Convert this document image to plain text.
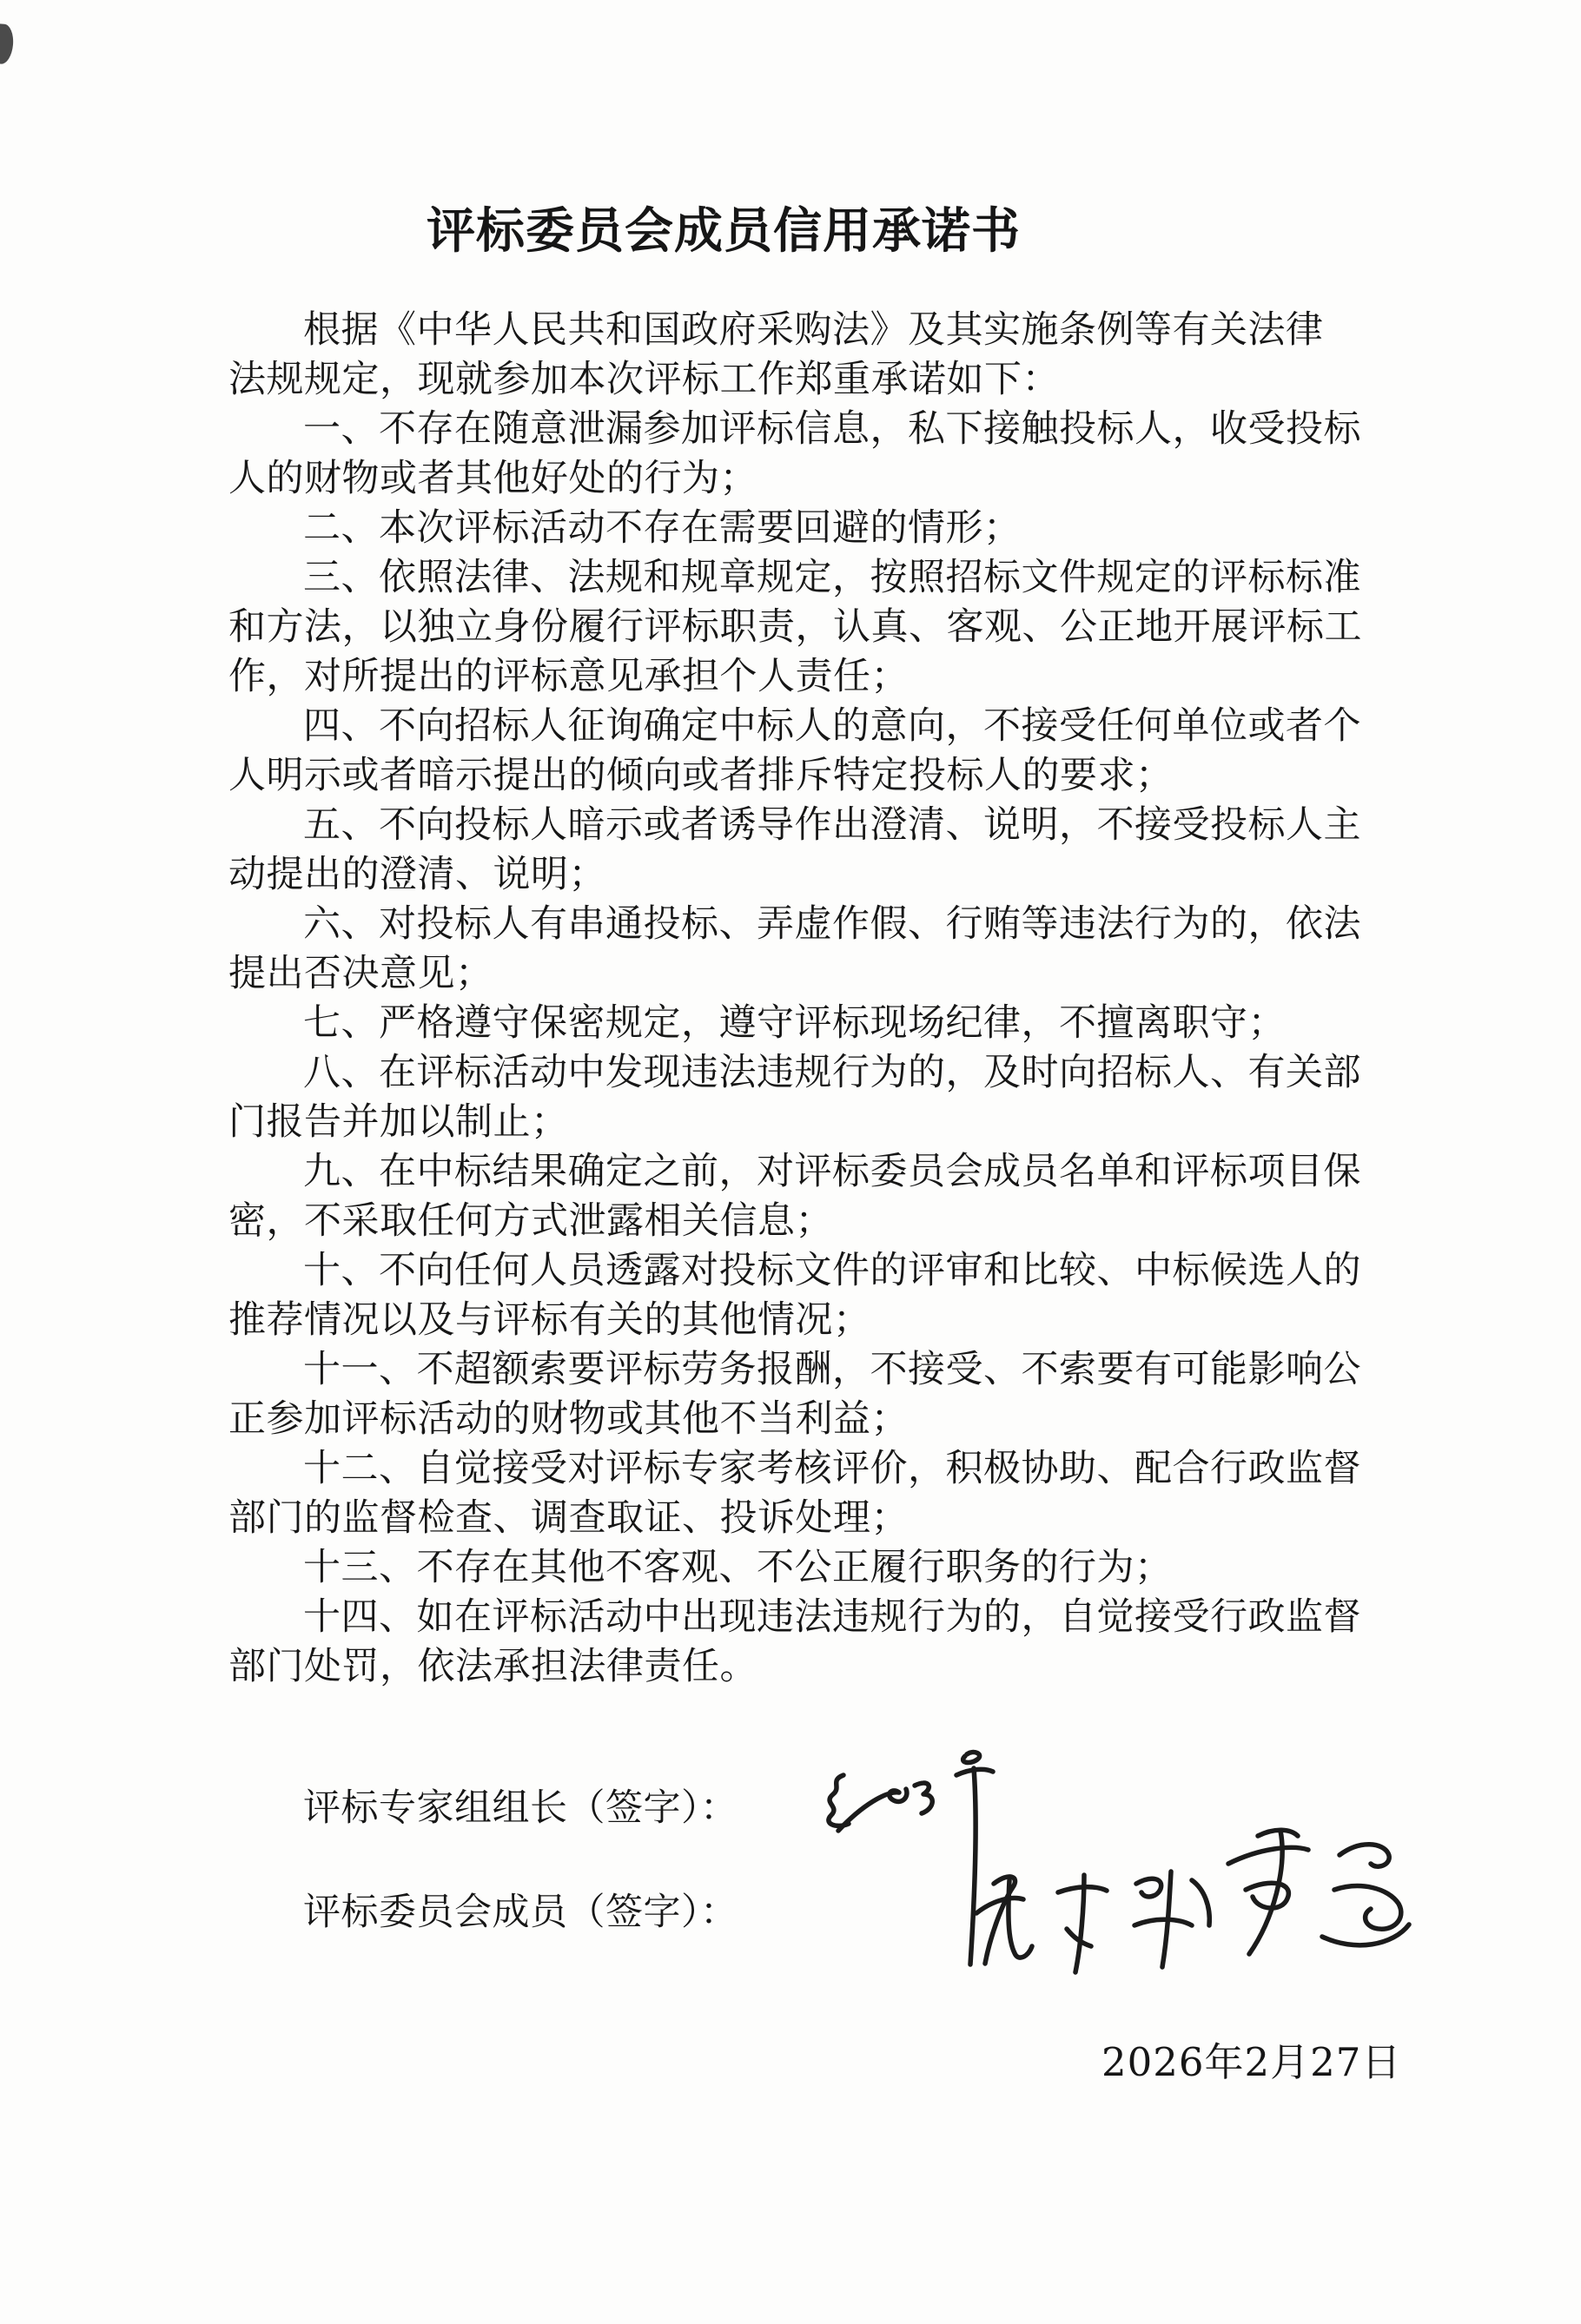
评标委员会成员信用承诺书
根据《中华人民共和国政府采购法》及其实施条例等有关法律
法规规定，现就参加本次评标工作郑重承诺如下：
一、不存在随意泄漏参加评标信息，私下接触投标人，收受投标
人的财物或者其他好处的行为；
二、本次评标活动不存在需要回避的情形；
三、依照法律、法规和规章规定，按照招标文件规定的评标标准
和方法，以独立身份履行评标职责，认真、客观、公正地开展评标工
作，对所提出的评标意见承担个人责任；
四、不向招标人征询确定中标人的意向，不接受任何单位或者个
人明示或者暗示提出的倾向或者排斥特定投标人的要求；
五、不向投标人暗示或者诱导作出澄清、说明，不接受投标人主
动提出的澄清、说明；
六、对投标人有串通投标、弄虚作假、行贿等违法行为的，依法
提出否决意见；
七、严格遵守保密规定，遵守评标现场纪律，不擅离职守；
八、在评标活动中发现违法违规行为的，及时向招标人、有关部
门报告并加以制止；
九、在中标结果确定之前，对评标委员会成员名单和评标项目保
密，不采取任何方式泄露相关信息；
十、不向任何人员透露对投标文件的评审和比较、中标候选人的
推荐情况以及与评标有关的其他情况；
十一、不超额索要评标劳务报酬，不接受、不索要有可能影响公
正参加评标活动的财物或其他不当利益；
十二、自觉接受对评标专家考核评价，积极协助、配合行政监督
部门的监督检查、调查取证、投诉处理；
十三、不存在其他不客观、不公正履行职务的行为；
十四、如在评标活动中出现违法违规行为的，自觉接受行政监督
部门处罚，依法承担法律责任。
评标专家组组长（签字）：
评标委员会成员（签字）：
2026年2月27日
